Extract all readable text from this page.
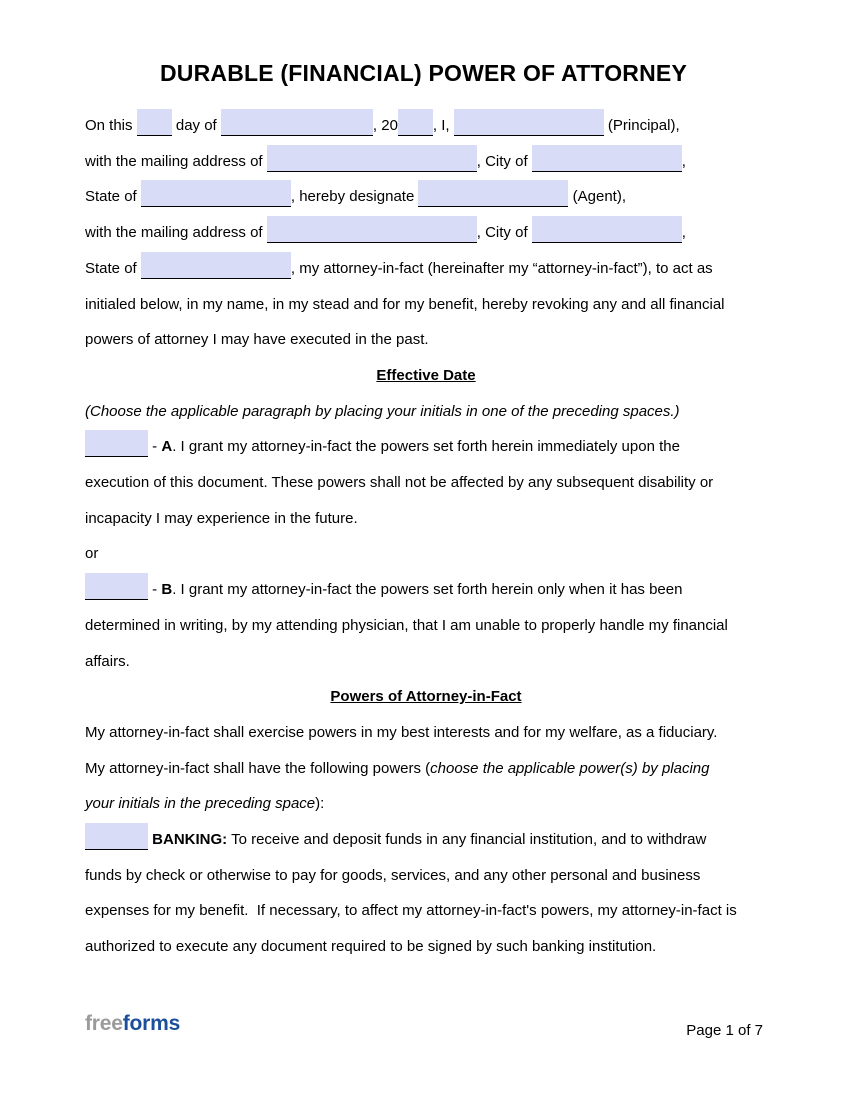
DURABLE (FINANCIAL) POWER OF ATTORNEY
On this  day of	, 20 , I,	(Principal),
with the mailing address of	, City of	,
State of	, hereby designate	(Agent),
with the mailing address of	, City of	,
State of	, my attorney-in-fact (hereinafter my “attorney-in-fact”), to act as
initialed below, in my name, in my stead and for my benefit, hereby revoking any and all financial
powers of attorney I may have executed in the past.
Effective Date
(Choose the applicable paragraph by placing your initials in one of the preceding spaces.)
- A. I grant my attorney-in-fact the powers set forth herein immediately upon the
execution of this document. These powers shall not be affected by any subsequent disability or
incapacity I may experience in the future.
or
- B. I grant my attorney-in-fact the powers set forth herein only when it has been
determined in writing, by my attending physician, that I am unable to properly handle my financial
affairs.
Powers of Attorney-in-Fact
My attorney-in-fact shall exercise powers in my best interests and for my welfare, as a fiduciary.
My attorney-in-fact shall have the following powers (choose the applicable power(s) by placing
your initials in the preceding space):
BANKING: To receive and deposit funds in any financial institution, and to withdraw
funds by check or otherwise to pay for goods, services, and any other personal and business
expenses for my benefit.  If necessary, to affect my attorney-in-fact's powers, my attorney-in-fact is
authorized to execute any document required to be signed by such banking institution.
freeforms	Page 1 of 7
